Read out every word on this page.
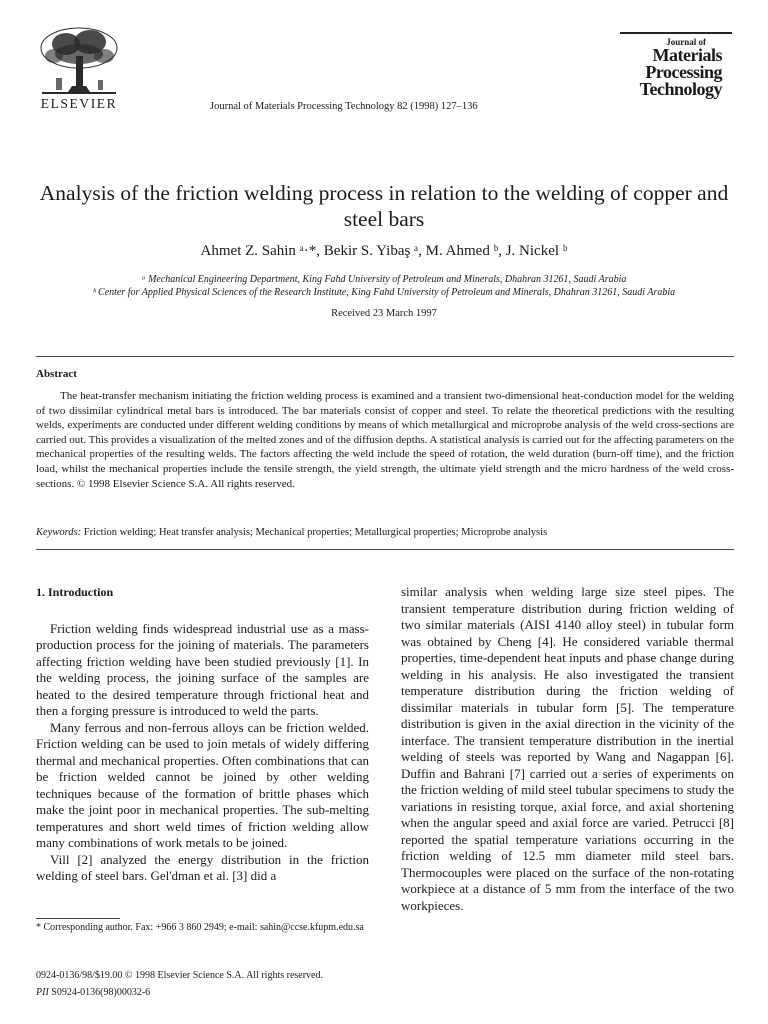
ELSEVIER	Journal of Materials Processing Technology 82 (1998) 127–136
Journal of
Materials
Processing
Technology
Analysis of the friction welding process in relation to the welding of copper and steel bars
Ahmet Z. Sahin ᵃ·*, Bekir S. Yibaş ᵃ, M. Ahmed ᵇ, J. Nickel ᵇ
ᵃ Mechanical Engineering Department, King Fahd University of Petroleum and Minerals, Dhahran 31261, Saudi Arabia
ᵇ Center for Applied Physical Sciences of the Research Institute, King Fahd University of Petroleum and Minerals, Dhahran 31261, Saudi Arabia
Received 23 March 1997
Abstract
The heat-transfer mechanism initiating the friction welding process is examined and a transient two-dimensional heat-conduction model for the welding of two dissimilar cylindrical metal bars is introduced. The bar materials consist of copper and steel. To relate the theoretical predictions with the resulting welds, experiments are conducted under different welding conditions by means of which metallurgical and microprobe analysis of the weld cross-sections are carried out. This provides a visualization of the melted zones and of the diffusion depths. A statistical analysis is carried out for the affecting parameters on the mechanical properties of the resulting welds. The factors affecting the weld include the speed of rotation, the weld duration (burn-off time), and the friction load, whilst the mechanical properties include the tensile strength, the yield strength, the ultimate yield strength and the micro hardness of the weld cross-sections. © 1998 Elsevier Science S.A. All rights reserved.
Keywords: Friction welding; Heat transfer analysis; Mechanical properties; Metallurgical properties; Microprobe analysis
1. Introduction

Friction welding finds widespread industrial use as a mass-production process for the joining of materials. The parameters affecting friction welding have been studied previously [1]. In the welding process, the joining surface of the samples are heated to the desired temperature through frictional heat and then a forging pressure is introduced to weld the parts.

Many ferrous and non-ferrous alloys can be friction welded. Friction welding can be used to join metals of widely differing thermal and mechanical properties. Often combinations that can be friction welded cannot be joined by other welding techniques because of the formation of brittle phases which make the joint poor in mechanical properties. The sub-melting temperatures and short weld times of friction welding allow many combinations of work metals to be joined.

Vill [2] analyzed the energy distribution in the friction welding of steel bars. Gel'dman et al. [3] did a

similar analysis when welding large size steel pipes. The transient temperature distribution during friction welding of two similar materials (AISI 4140 alloy steel) in tubular form was obtained by Cheng [4]. He considered variable thermal properties, time-dependent heat inputs and phase change during welding in his analysis. He also investigated the transient temperature distribution during the friction welding of dissimilar materials in tubular form [5]. The temperature distribution is given in the axial direction in the vicinity of the interface. The transient temperature distribution in the inertial welding of steels was reported by Wang and Nagappan [6]. Duffin and Bahrani [7] carried out a series of experiments on the friction welding of mild steel tubular specimens to study the variations in resisting torque, axial force, and axial shortening when the angular speed and axial force are varied. Petrucci [8] reported the spatial temperature variations occurring in the friction welding of 12.5 mm diameter mild steel bars. Thermocouples were placed on the surface of the non-rotating workpiece at a distance of 5 mm from the interface of the two workpieces.

* Corresponding author. Fax: +966 3 860 2949; e-mail: sahin@ccse.kfupm.edu.sa
0924-0136/98/$19.00 © 1998 Elsevier Science S.A. All rights reserved.
PII S0924-0136(98)00032-6
